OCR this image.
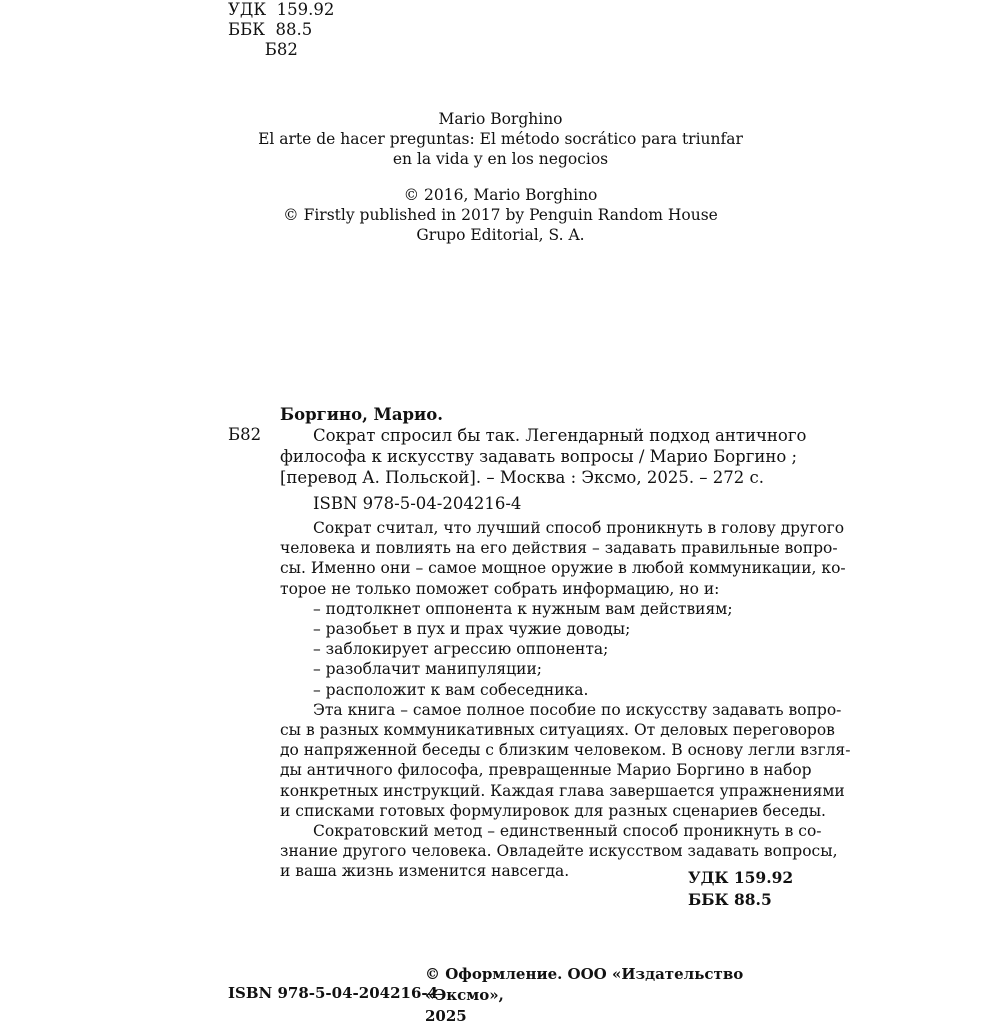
УДК 159.92
ББК 88.5
Б82

Mario Borghino

El arte de hacer preguntas: El método socrático para triunfar

en la vida y en los negocios

© 2016, Mario Borghino

© Firstly published in 2017 by Penguin Random House

Grupo Editorial, S. A.

Боргино, Марио.
Б82	Сократ спросил бы так. Легендарный подход античного
философа к искусству задавать вопросы / Марио Боргино ;
[перевод А. Польской]. – Москва : Эксмо, 2025. – 272 с.
ISBN 978-5-04-204216-4
Сократ считал, что лучший способ проникнуть в голову другого
человека и повлиять на его действия – задавать правильные вопро-
сы. Именно они – самое мощное оружие в любой коммуникации, ко-
торое не только поможет собрать информацию, но и:
– подтолкнет оппонента к нужным вам действиям;
– разобьет в пух и прах чужие доводы;
– заблокирует агрессию оппонента;
– разоблачит манипуляции;
– расположит к вам собеседника.
Эта книга – самое полное пособие по искусству задавать вопро-
сы в разных коммуникативных ситуациях. От деловых переговоров
до напряженной беседы с близким человеком. В основу легли взгля-
ды античного философа, превращенные Марио Боргино в набор
конкретных инструкций. Каждая глава завершается упражнениями
и списками готовых формулировок для разных сценариев беседы.
Сократовский метод – единственный способ проникнуть в со-
знание другого человека. Овладейте искусством задавать вопросы,
и ваша жизнь изменится навсегда.	УДК 159.92
ББК 88.5
ISBN 978-5-04-204216-4
© Оформление. ООО «Издательство «Эксмо»,
2025
